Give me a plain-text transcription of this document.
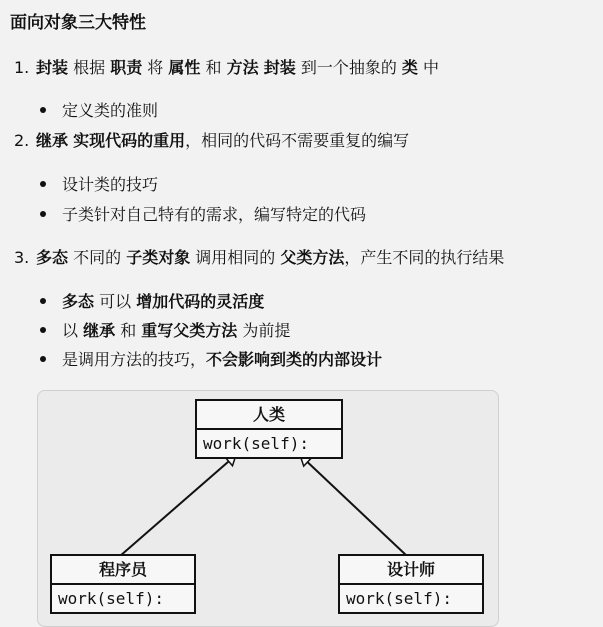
面向对象三大特性
1. 封装 根据 职责 将 属性 和 方法 封装 到一个抽象的 类 中
定义类的准则
2. 继承 实现代码的重用，相同的代码不需要重复的编写
设计类的技巧
子类针对自己特有的需求，编写特定的代码
3. 多态 不同的 子类对象 调用相同的 父类方法，产生不同的执行结果
多态 可以 增加代码的灵活度
以 继承 和 重写父类方法 为前提
是调用方法的技巧，不会影响到类的内部设计
人类
work(self):
程序员
work(self):
设计师
work(self):
